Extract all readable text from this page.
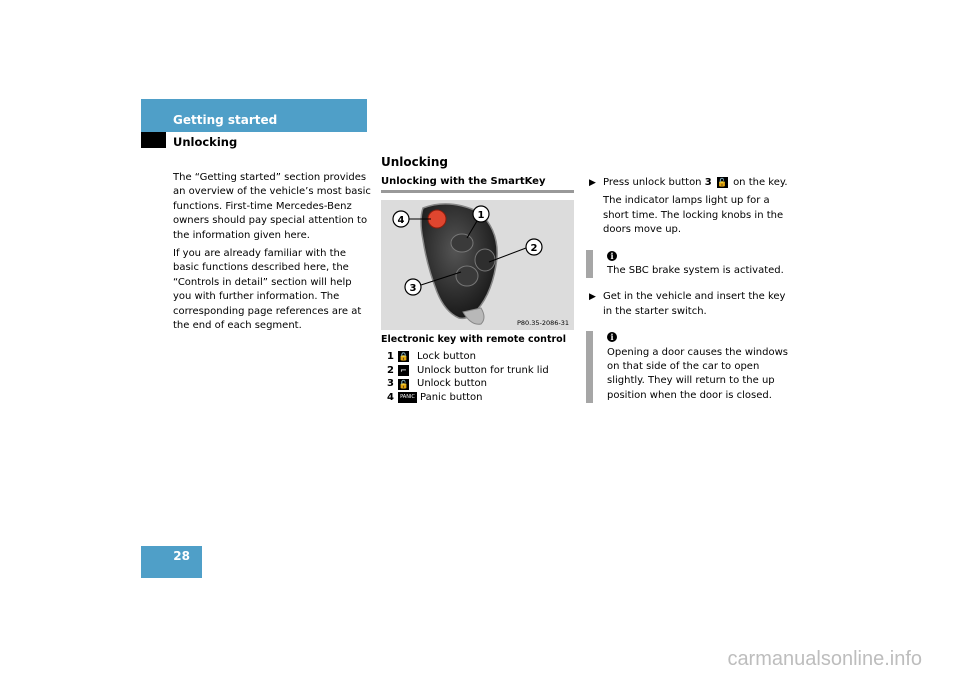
Getting started
Unlocking

The “Getting started” section provides an overview of the vehicle’s most basic functions. First-time Mercedes-Benz owners should pay special attention to the information given here.

If you are already familiar with the basic functions described here, the “Controls in detail” section will help you with further information. The corresponding page references are at the end of each segment.

Unlocking
Unlocking with the SmartKey
4	1
2
3
P80.35-2086-31
Electronic key with remote control
1 🔒 Lock button
2 ⌐ Unlock button for trunk lid
3 🔓 Unlock button
4	PANIC Panic button
▶ Press unlock button 3 🔓 on the key.
The indicator lamps light up for a short time. The locking knobs in the doors move up.
i
The SBC brake system is activated.
▶ Get in the vehicle and insert the key in the starter switch.
i
Opening a door causes the windows on that side of the car to open slightly. They will return to the up position when the door is closed.
28
carmanualsonline.info
